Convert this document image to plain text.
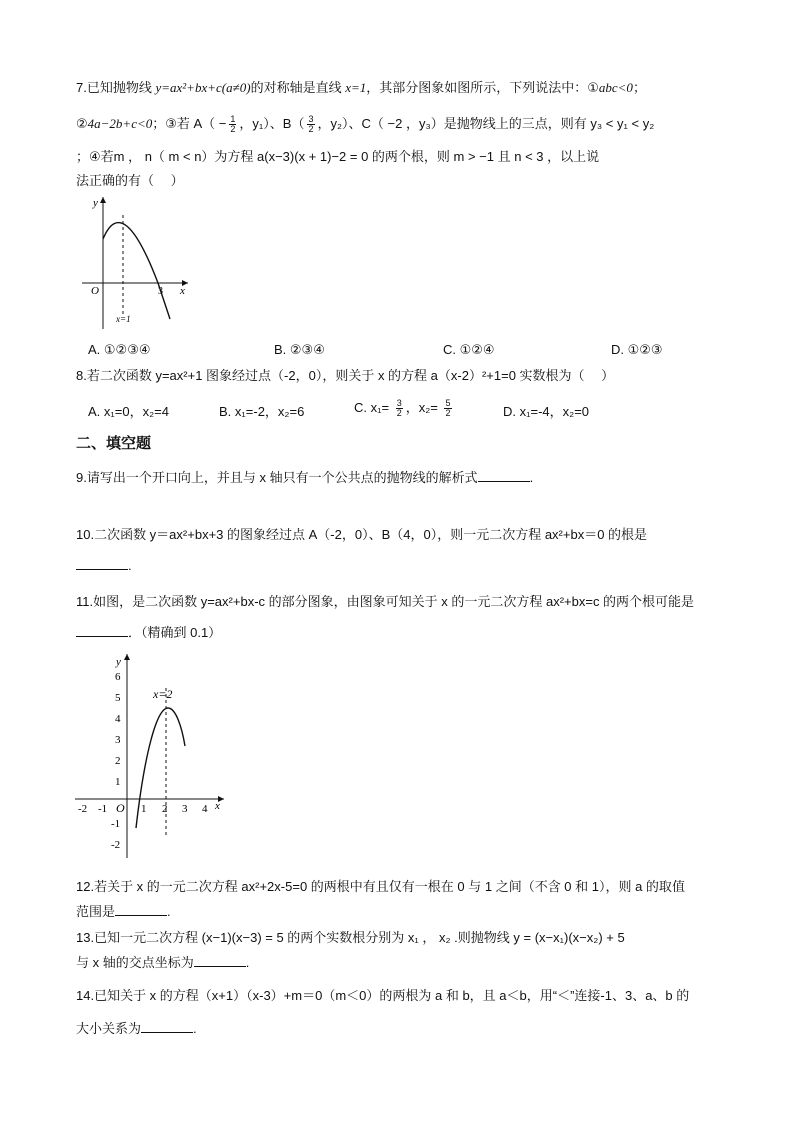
7.已知抛物线 y=ax²+bx+c(a≠0)的对称轴是直线 x=1，其部分图象如图所示，下列说法中：①abc<0；
②4a−2b+c<0；③若 $A( - \frac{1}{2}$ ，y₁）、$B( \frac{3}{2}$ ，y₂）、C（ −2 ，y₃）是抛物线上的三点，则有 y₃ < y₁ < y₂
；④若m ， n（ m < n）为方程 a(x−3)(x + 1)−2 = 0 的两个根，则 m > −1 且 n < 3 ，以上说
法正确的有（　 ）
y
O	3 x
x=1
A. ①②③④	B. ②③④	C. ①②④	D. ①②③
8.若二次函数 y=ax²+1 图象经过点（-2，0），则关于 x 的方程 a（x-2）²+1=0 实数根为（　 ）
A. x₁=0，x₂=4	B. x₁=-2，x₂=6	C. $x_1= \frac{3}{2}$ ，$x_2= \frac{5}{2}$	D. x₁=-4，x₂=0
二、填空题
9.请写出一个开口向上，并且与 x 轴只有一个公共点的抛物线的解析式	.
10.二次函数 y＝ax²+bx+3 的图象经过点 A（-2，0）、B（4，0），则一元二次方程 ax²+bx＝0 的根是
.
11.如图，是二次函数 y=ax²+bx-c 的部分图象，由图象可知关于 x 的一元二次方程 ax²+bx=c 的两个根可能是
．（精确到 0.1）
y
x
x=2
O
6
5
4
3
2
1
-1
-2
-2 -1	1 2 3 4
12.若关于 x 的一元二次方程 ax²+2x-5=0 的两根中有且仅有一根在 0 与 1 之间（不含 0 和 1），则 a 的取值
范围是	.
13.已知一元二次方程 (x−1)(x−3) = 5 的两个实数根分别为 x₁ ， x₂ .则抛物线 y = (x−x₁)(x−x₂) + 5
与 x 轴的交点坐标为	.
14.已知关于 x 的方程（x+1）（x-3）+m＝0（m＜0）的两根为 a 和 b，且 a＜b，用“＜”连接-1、3、a、b 的
大小关系为	.
